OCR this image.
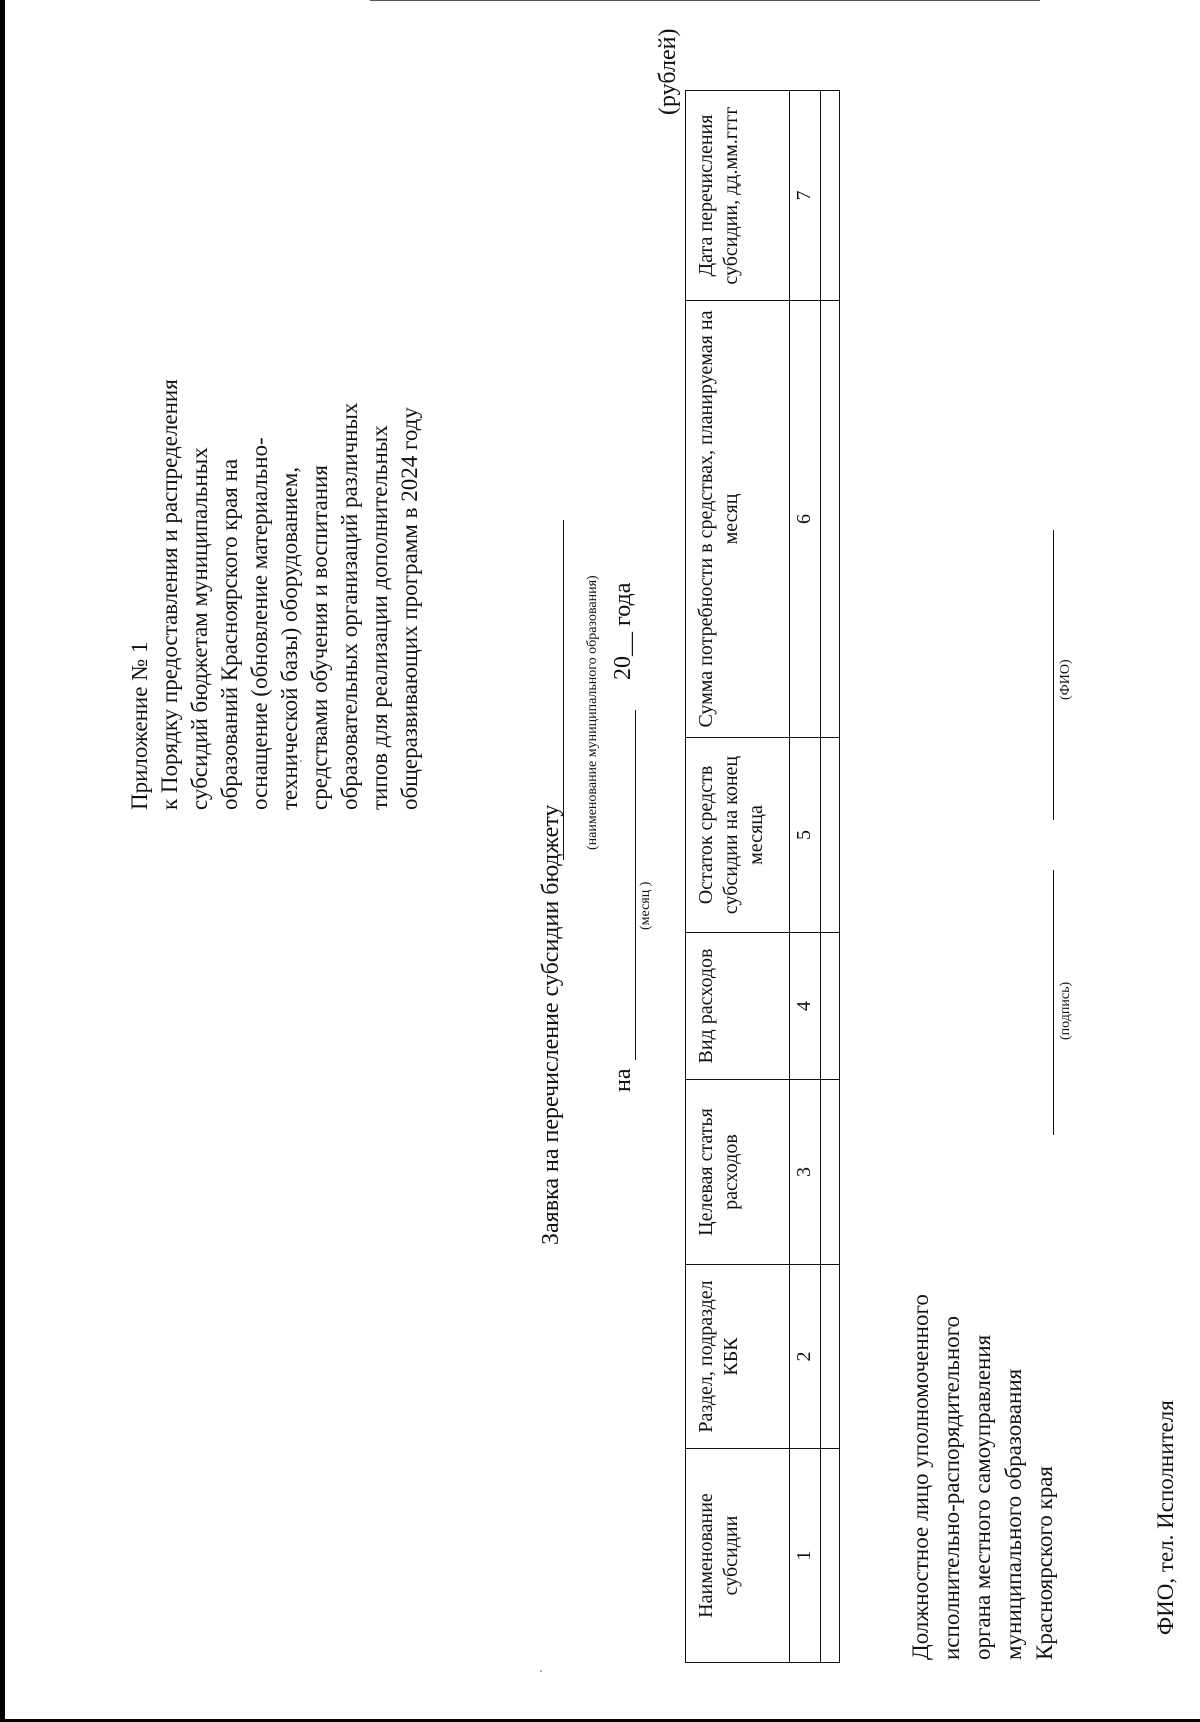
Приложение № 1 к Порядку предоставления и распределения субсидий бюджетам муниципальных образований Красноярского края на оснащение (обновление материально- технической базы) оборудованием, средствами обучения и воспитания образовательных организаций различных типов для реализации дополнительных общеразвивающих программ в 2024 году
Заявка на перечисление субсидии бюджету
(наименование муниципального образования)
на
(месяц )
20__ года
(рублей)
Наименование субсидии	Раздел, подраздел КБК	Целевая статья расходов	Вид расходов	Остаток средств субсидии на конец месяца	Сумма потребности в средствах, планируемая на месяц	Дата перечисления субсидии, дд.мм.гггг
1	2	3	4	5	6	7

Должностное лицо уполномоченного исполнительно-распорядительного органа местного самоуправления муниципального образования Красноярского края
(подпись)
(ФИО)
ФИО, тел. Исполнителя
